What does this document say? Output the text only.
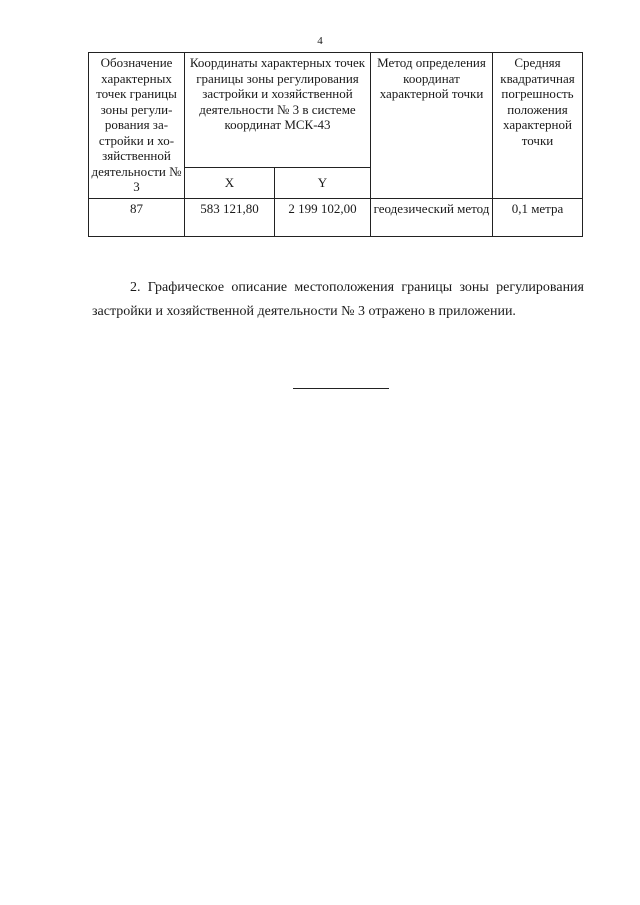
4
Обозначение характерных точек границы зоны регулирования застройки и хозяйственной деятельности № 3	Координаты характерных точек границы зоны регулирования застройки и хозяйственной деятельности № 3 в системе координат МСК-43		Метод определения координат характерной точки	Средняя квадратичная погрешность положения характерной точки
	X	Y		
87	583 121,80	2 199 102,00	геодезический метод	0,1 метра

2. Графическое описание местоположения границы зоны регулирования застройки и хозяйственной деятельности № 3 отражено в приложении.
